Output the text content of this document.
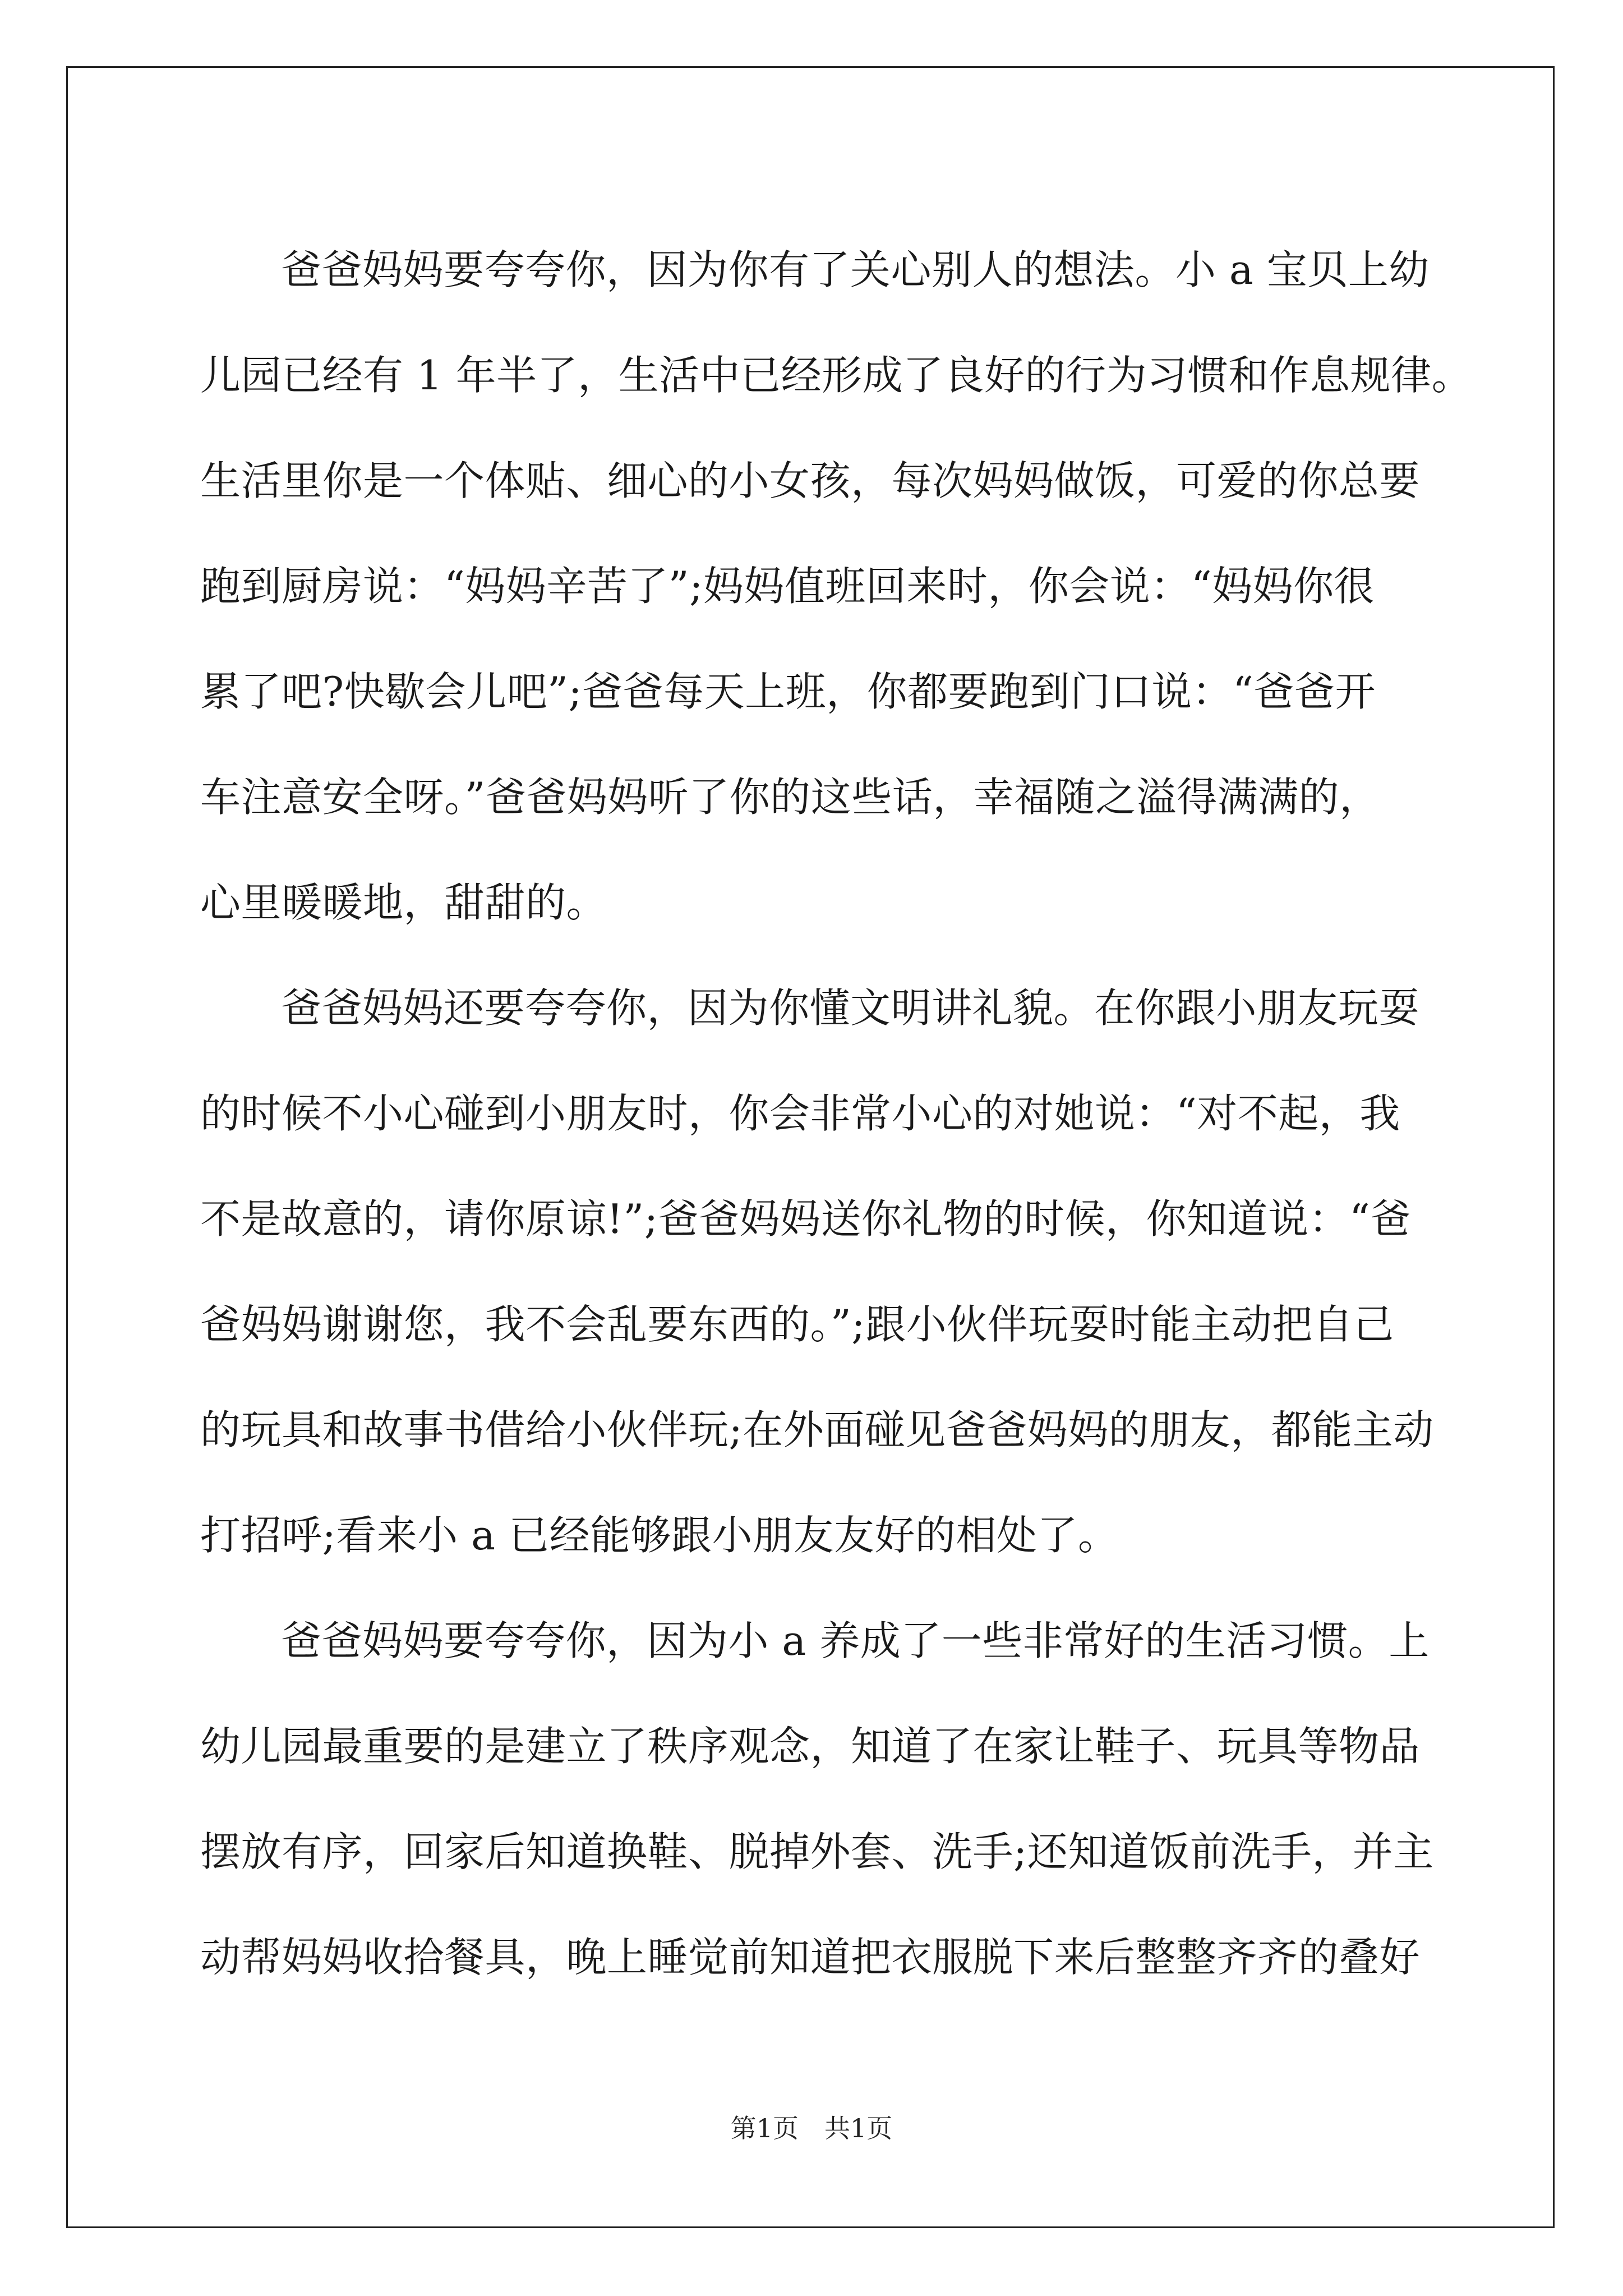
爸爸妈妈要夸夸你，因为你有了关心别人的想法。小 a 宝贝上幼
儿园已经有 1 年半了，生活中已经形成了良好的行为习惯和作息规律。
生活里你是一个体贴、细心的小女孩，每次妈妈做饭，可爱的你总要
跑到厨房说：“妈妈辛苦了”;妈妈值班回来时，你会说：“妈妈你很
累了吧?快歇会儿吧”;爸爸每天上班，你都要跑到门口说：“爸爸开
车注意安全呀。”爸爸妈妈听了你的这些话，幸福随之溢得满满的，
心里暖暖地，甜甜的。
爸爸妈妈还要夸夸你，因为你懂文明讲礼貌。在你跟小朋友玩耍
的时候不小心碰到小朋友时，你会非常小心的对她说：“对不起，我
不是故意的，请你原谅!”;爸爸妈妈送你礼物的时候，你知道说：“爸
爸妈妈谢谢您，我不会乱要东西的。”;跟小伙伴玩耍时能主动把自己
的玩具和故事书借给小伙伴玩;在外面碰见爸爸妈妈的朋友，都能主动
打招呼;看来小 a 已经能够跟小朋友友好的相处了。
爸爸妈妈要夸夸你，因为小 a 养成了一些非常好的生活习惯。上
幼儿园最重要的是建立了秩序观念，知道了在家让鞋子、玩具等物品
摆放有序，回家后知道换鞋、脱掉外套、洗手;还知道饭前洗手，并主
动帮妈妈收拾餐具，晚上睡觉前知道把衣服脱下来后整整齐齐的叠好
第1页　共1页
